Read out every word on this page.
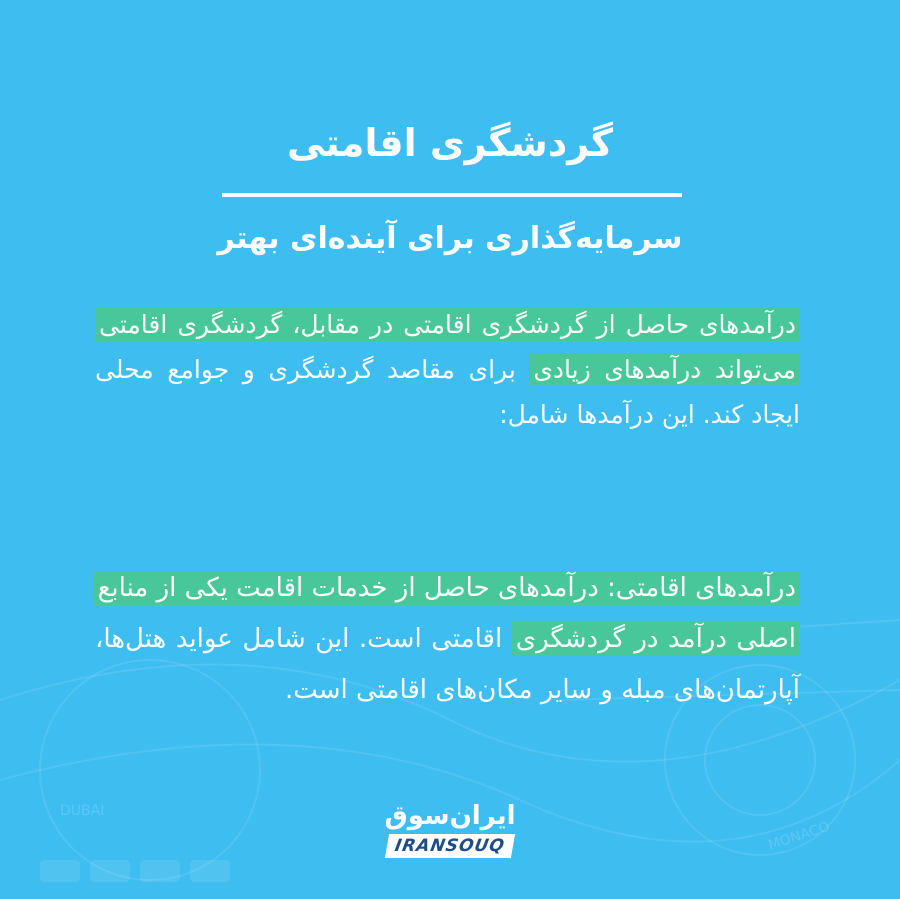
DUBAI
MONACO
گردشگری اقامتی
سرمایه‌گذاری برای آینده‌ای بهتر
درآمدهای حاصل از گردشگری اقامتی در مقابل، گردشگری اقامتی می‌تواند درآمدهای زیادی برای مقاصد گردشگری و جوامع محلی ایجاد کند. این درآمدها شامل:
درآمدهای اقامتی: درآمدهای حاصل از خدمات اقامت یکی از منابع اصلی درآمد در گردشگری اقامتی است. این شامل عواید هتل‌ها، آپارتمان‌های مبله و سایر مکان‌های اقامتی است.
ایران‌سوق
IRANSOUQ
